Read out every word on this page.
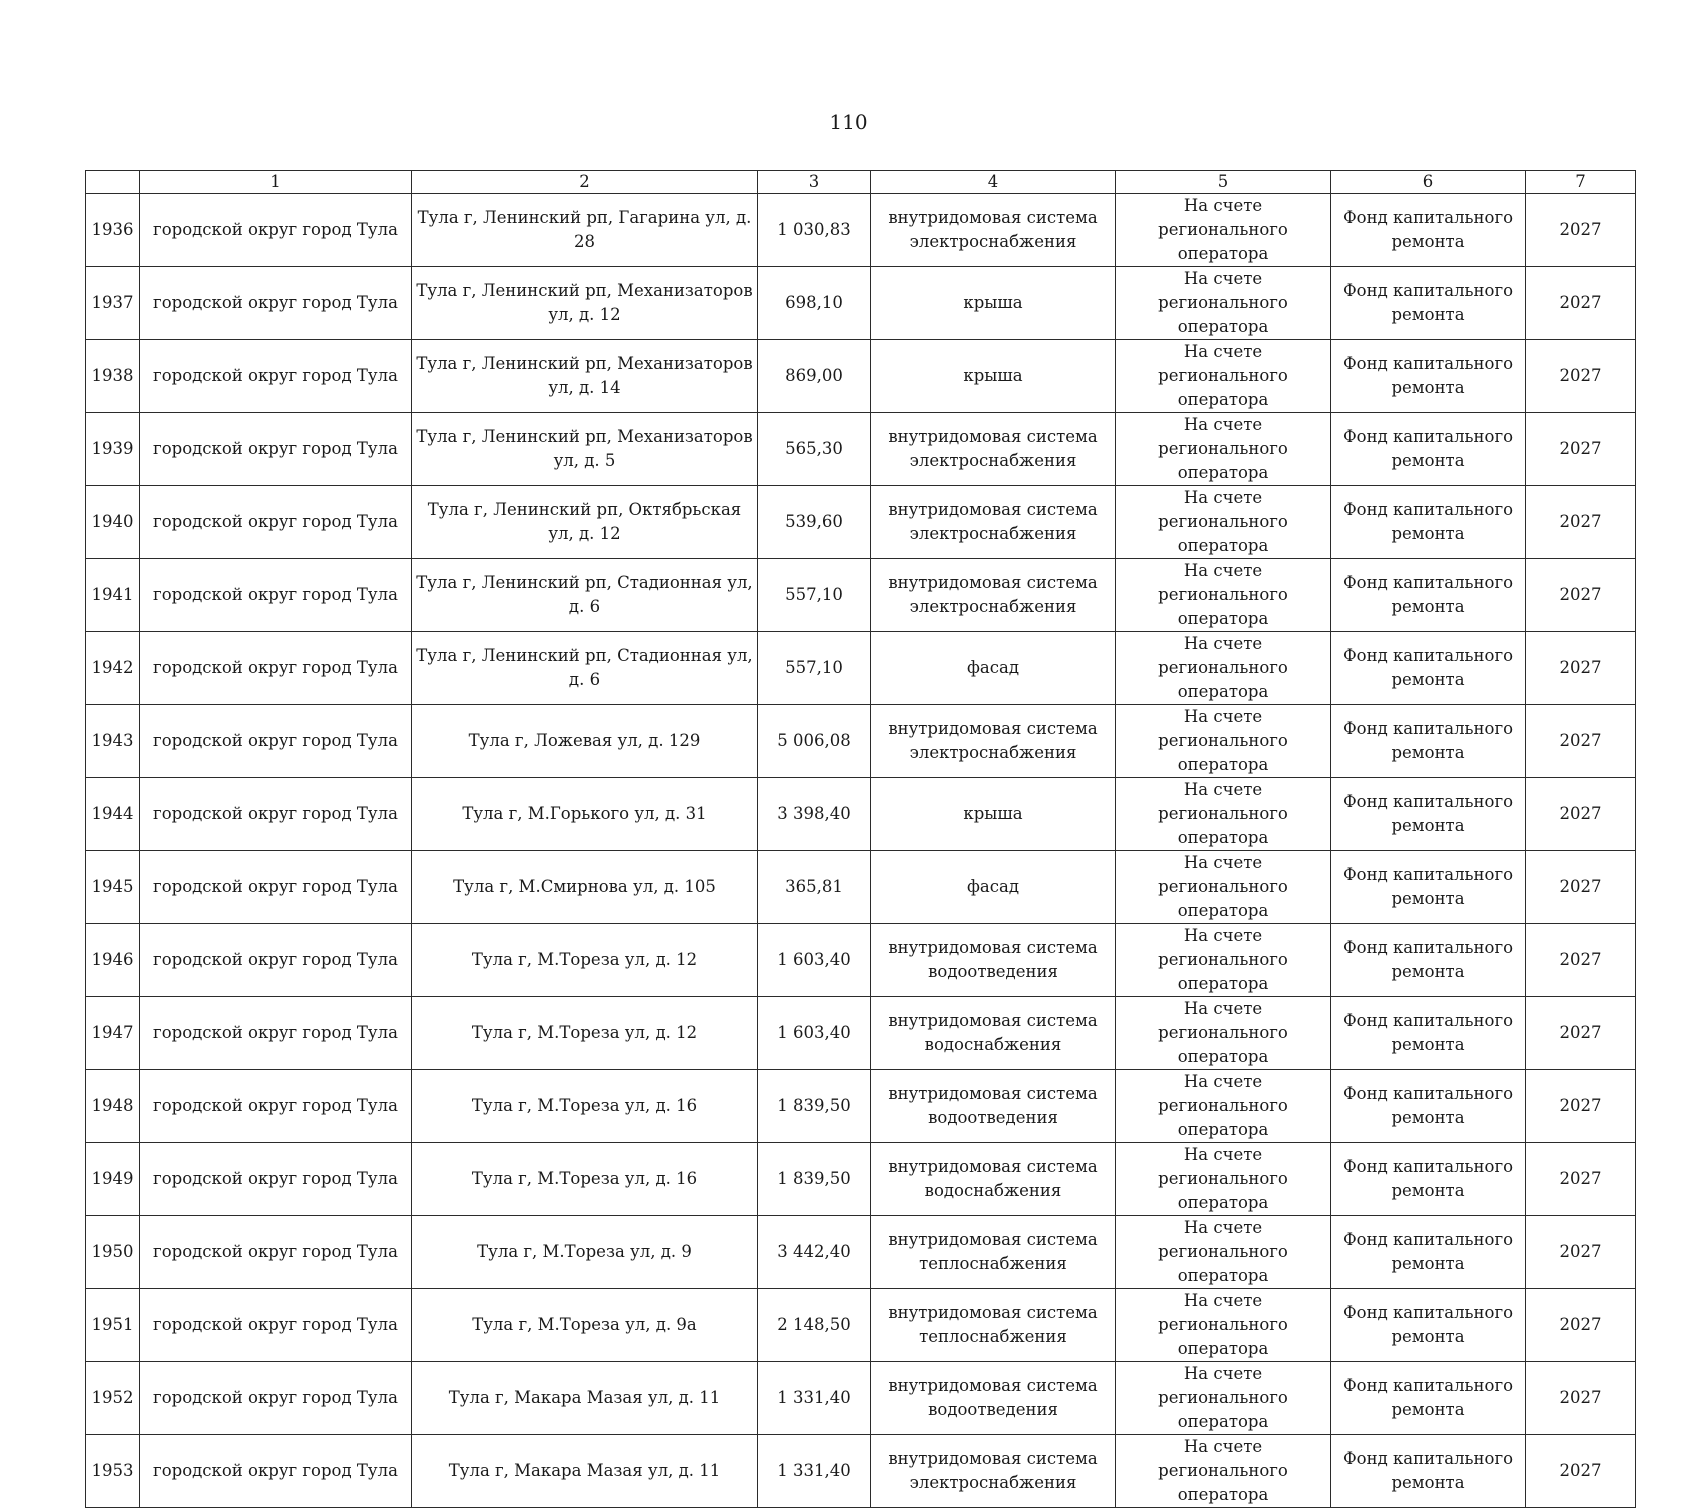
110
	1	2	3	4	5	6	7
1936	городской округ город Тула	Тула г, Ленинский рп, Гагарина ул, д. 28	1 030,83	внутридомовая система электроснабжения	На счете регионального оператора	Фонд капитального ремонта	2027
1937	городской округ город Тула	Тула г, Ленинский рп, Механизаторов ул, д. 12	698,10	крыша	На счете регионального оператора	Фонд капитального ремонта	2027
1938	городской округ город Тула	Тула г, Ленинский рп, Механизаторов ул, д. 14	869,00	крыша	На счете регионального оператора	Фонд капитального ремонта	2027
1939	городской округ город Тула	Тула г, Ленинский рп, Механизаторов ул, д. 5	565,30	внутридомовая система электроснабжения	На счете регионального оператора	Фонд капитального ремонта	2027
1940	городской округ город Тула	Тула г, Ленинский рп, Октябрьская ул, д. 12	539,60	внутридомовая система электроснабжения	На счете регионального оператора	Фонд капитального ремонта	2027
1941	городской округ город Тула	Тула г, Ленинский рп, Стадионная ул, д. 6	557,10	внутридомовая система электроснабжения	На счете регионального оператора	Фонд капитального ремонта	2027
1942	городской округ город Тула	Тула г, Ленинский рп, Стадионная ул, д. 6	557,10	фасад	На счете регионального оператора	Фонд капитального ремонта	2027
1943	городской округ город Тула	Тула г, Ложевая ул, д. 129	5 006,08	внутридомовая система электроснабжения	На счете регионального оператора	Фонд капитального ремонта	2027
1944	городской округ город Тула	Тула г, М.Горького ул, д. 31	3 398,40	крыша	На счете регионального оператора	Фонд капитального ремонта	2027
1945	городской округ город Тула	Тула г, М.Смирнова ул, д. 105	365,81	фасад	На счете регионального оператора	Фонд капитального ремонта	2027
1946	городской округ город Тула	Тула г, М.Тореза ул, д. 12	1 603,40	внутридомовая система водоотведения	На счете регионального оператора	Фонд капитального ремонта	2027
1947	городской округ город Тула	Тула г, М.Тореза ул, д. 12	1 603,40	внутридомовая система водоснабжения	На счете регионального оператора	Фонд капитального ремонта	2027
1948	городской округ город Тула	Тула г, М.Тореза ул, д. 16	1 839,50	внутридомовая система водоотведения	На счете регионального оператора	Фонд капитального ремонта	2027
1949	городской округ город Тула	Тула г, М.Тореза ул, д. 16	1 839,50	внутридомовая система водоснабжения	На счете регионального оператора	Фонд капитального ремонта	2027
1950	городской округ город Тула	Тула г, М.Тореза ул, д. 9	3 442,40	внутридомовая система теплоснабжения	На счете регионального оператора	Фонд капитального ремонта	2027
1951	городской округ город Тула	Тула г, М.Тореза ул, д. 9а	2 148,50	внутридомовая система теплоснабжения	На счете регионального оператора	Фонд капитального ремонта	2027
1952	городской округ город Тула	Тула г, Макара Мазая ул, д. 11	1 331,40	внутридомовая система водоотведения	На счете регионального оператора	Фонд капитального ремонта	2027
1953	городской округ город Тула	Тула г, Макара Мазая ул, д. 11	1 331,40	внутридомовая система электроснабжения	На счете регионального оператора	Фонд капитального ремонта	2027
